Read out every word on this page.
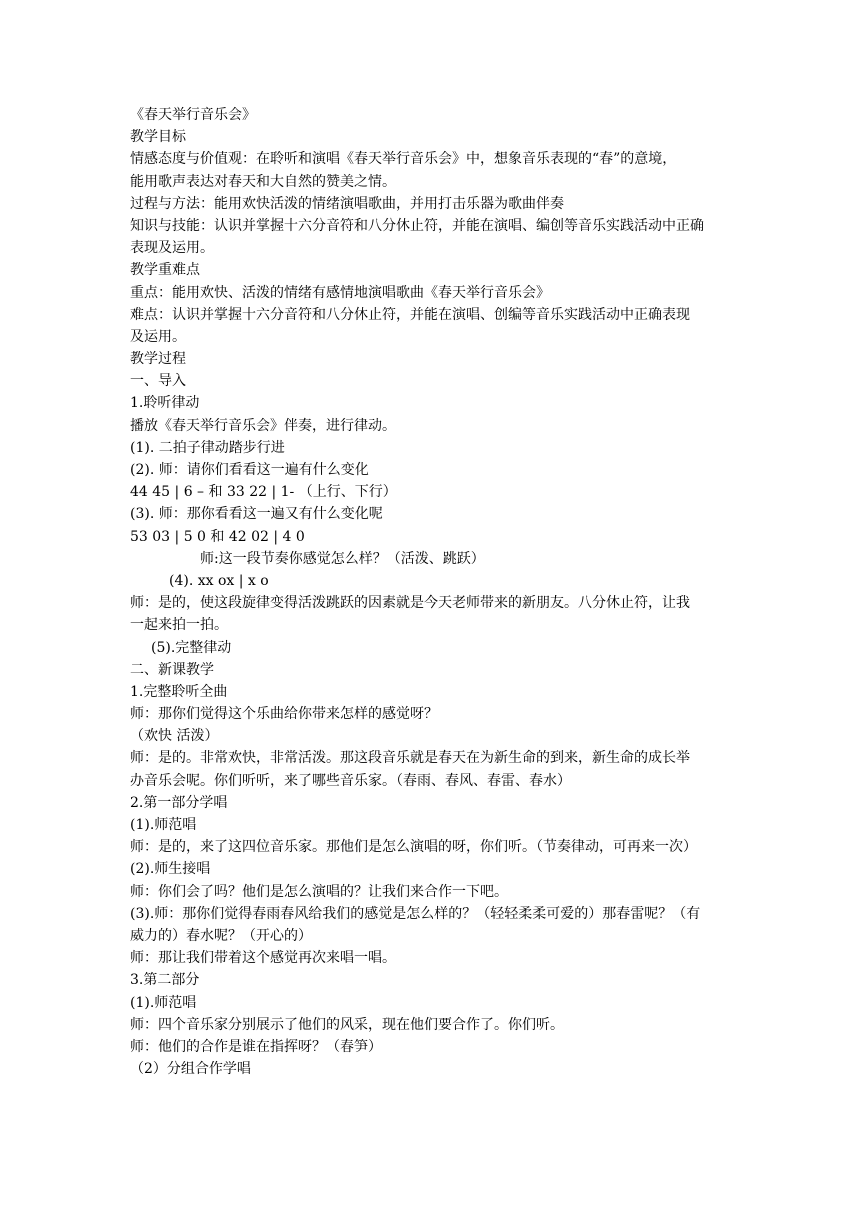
《春天举行音乐会》
教学目标
情感态度与价值观：在聆听和演唱《春天举行音乐会》中，想象音乐表现的“春”的意境，
能用歌声表达对春天和大自然的赞美之情。
过程与方法：能用欢快活泼的情绪演唱歌曲，并用打击乐器为歌曲伴奏
知识与技能：认识并掌握十六分音符和八分休止符，并能在演唱、编创等音乐实践活动中正确
表现及运用。
教学重难点
重点：能用欢快、活泼的情绪有感情地演唱歌曲《春天举行音乐会》
难点：认识并掌握十六分音符和八分休止符，并能在演唱、创编等音乐实践活动中正确表现
及运用。
教学过程
一、导入
1.聆听律动
播放《春天举行音乐会》伴奏，进行律动。
(1). 二拍子律动踏步行进
(2). 师：请你们看看这一遍有什么变化
44 45 | 6 – 和 33 22 | 1- （上行、下行）
(3). 师：那你看看这一遍又有什么变化呢
53 03 | 5 0 和 42 02 | 4 0
师:这一段节奏你感觉怎么样？（活泼、跳跃）
(4). xx ox | x o
师：是的，使这段旋律变得活泼跳跃的因素就是今天老师带来的新朋友。八分休止符，让我
一起来拍一拍。
(5).完整律动
二、新课教学
1.完整聆听全曲
师：那你们觉得这个乐曲给你带来怎样的感觉呀？
（欢快 活泼）
师：是的。非常欢快，非常活泼。那这段音乐就是春天在为新生命的到来，新生命的成长举
办音乐会呢。你们听听，来了哪些音乐家。（春雨、春风、春雷、春水）
2.第一部分学唱
(1).师范唱
师：是的，来了这四位音乐家。那他们是怎么演唱的呀，你们听。（节奏律动，可再来一次）
(2).师生接唱
师：你们会了吗？他们是怎么演唱的？让我们来合作一下吧。
(3).师：那你们觉得春雨春风给我们的感觉是怎么样的？（轻轻柔柔可爱的）那春雷呢？（有
威力的）春水呢？（开心的）
师：那让我们带着这个感觉再次来唱一唱。
3.第二部分
(1).师范唱
师：四个音乐家分别展示了他们的风采，现在他们要合作了。你们听。
师：他们的合作是谁在指挥呀？（春笋）
（2）分组合作学唱
